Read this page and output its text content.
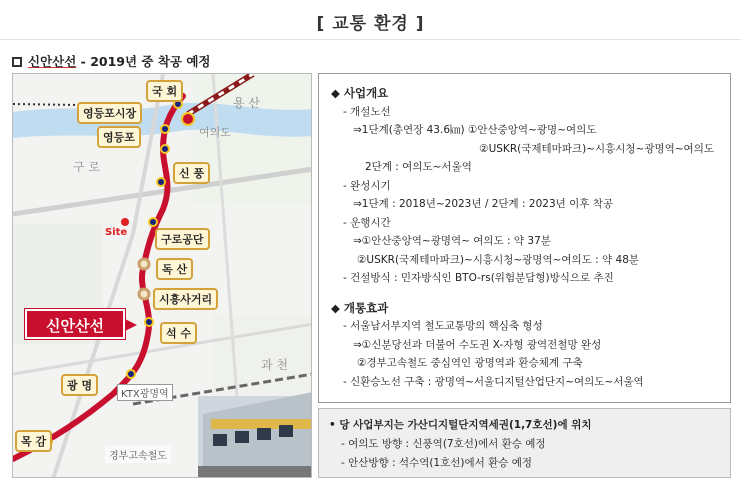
[ 교통 환경 ]
신안산선 - 2019년 중 착공 예정
용 산
여의도
구 로
과 천
국 회
영등포시장
영등포
신 풍
구로공단
독 산
시흥사거리
석 수
광 명
목 감
Site
KTX광명역
경부고속철도
신안산선
◆ 사업개요
- 개설노선
⇒1단계(총연장 43.6㎞) ①안산중앙역~광명~여의도
②USKR(국제테마파크)~시흥시청~광명역~여의도
2단계 : 여의도~서울역
- 완성시기
⇒1단계 : 2018년~2023년 / 2단계 : 2023년 이후 착공
- 운행시간
⇒①안산중앙역~광명역~ 여의도 : 약 37분
②USKR(국제테마파크)~시흥시청~광명역~여의도 : 약 48분
- 건설방식 : 민자방식인 BTO-rs(위험분담형)방식으로 추진
◆ 개통효과
- 서울남서부지역 철도교통망의 핵심축 형성
⇒①신분당선과 더불어 수도권 X-자형 광역전철망 완성
②경부고속철도 중심역인 광명역과 환승체계 구축
- 신환승노선 구축 : 광명역~서울디지털산업단지~여의도~서울역
• 당 사업부지는 가산디지털단지역세권(1,7호선)에 위치
- 여의도 방향 : 신풍역(7호선)에서 환승 예정
- 안산방향 : 석수역(1호선)에서 환승 예정
